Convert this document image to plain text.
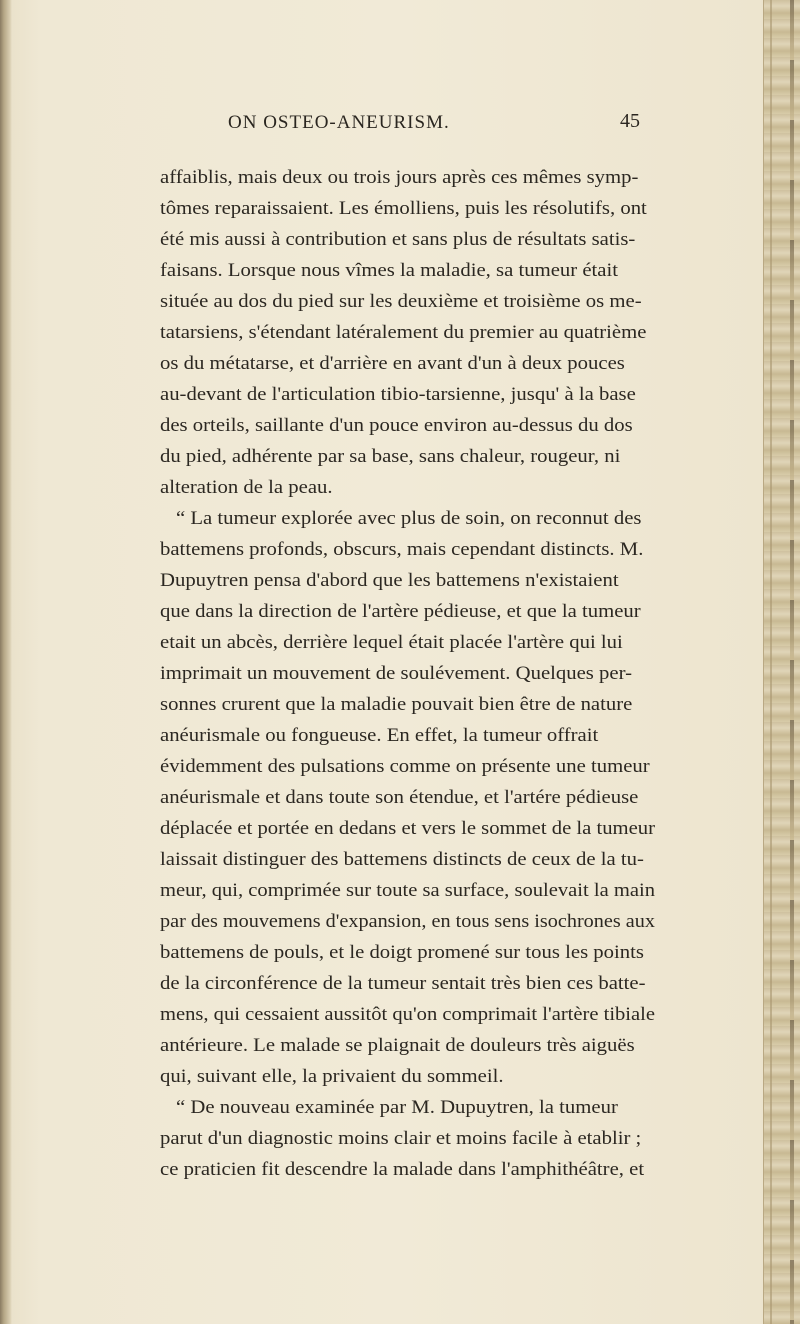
ON OSTEO-ANEURISM.	45
affaiblis, mais deux ou trois jours après ces mêmes symp-
tômes reparaissaient. Les émolliens, puis les résolutifs, ont
été mis aussi à contribution et sans plus de résultats satis-
faisans. Lorsque nous vîmes la maladie, sa tumeur était
située au dos du pied sur les deuxième et troisième os me-
tatarsiens, s'étendant latéralement du premier au quatrième
os du métatarse, et d'arrière en avant d'un à deux pouces
au-devant de l'articulation tibio-tarsienne, jusqu' à la base
des orteils, saillante d'un pouce environ au-dessus du dos
du pied, adhérente par sa base, sans chaleur, rougeur, ni
alteration de la peau.
“ La tumeur explorée avec plus de soin, on reconnut des
battemens profonds, obscurs, mais cependant distincts. M.
Dupuytren pensa d'abord que les battemens n'existaient
que dans la direction de l'artère pédieuse, et que la tumeur
etait un abcès, derrière lequel était placée l'artère qui lui
imprimait un mouvement de soulévement. Quelques per-
sonnes crurent que la maladie pouvait bien être de nature
anéurismale ou fongueuse. En effet, la tumeur offrait
évidemment des pulsations comme on présente une tumeur
anéurismale et dans toute son étendue, et l'artére pédieuse
déplacée et portée en dedans et vers le sommet de la tumeur
laissait distinguer des battemens distincts de ceux de la tu-
meur, qui, comprimée sur toute sa surface, soulevait la main
par des mouvemens d'expansion, en tous sens isochrones aux
battemens de pouls, et le doigt promené sur tous les points
de la circonférence de la tumeur sentait très bien ces batte-
mens, qui cessaient aussitôt qu'on comprimait l'artère tibiale
antérieure. Le malade se plaignait de douleurs très aiguës
qui, suivant elle, la privaient du sommeil.
“ De nouveau examinée par M. Dupuytren, la tumeur
parut d'un diagnostic moins clair et moins facile à etablir ;
ce praticien fit descendre la malade dans l'amphithéâtre, et
